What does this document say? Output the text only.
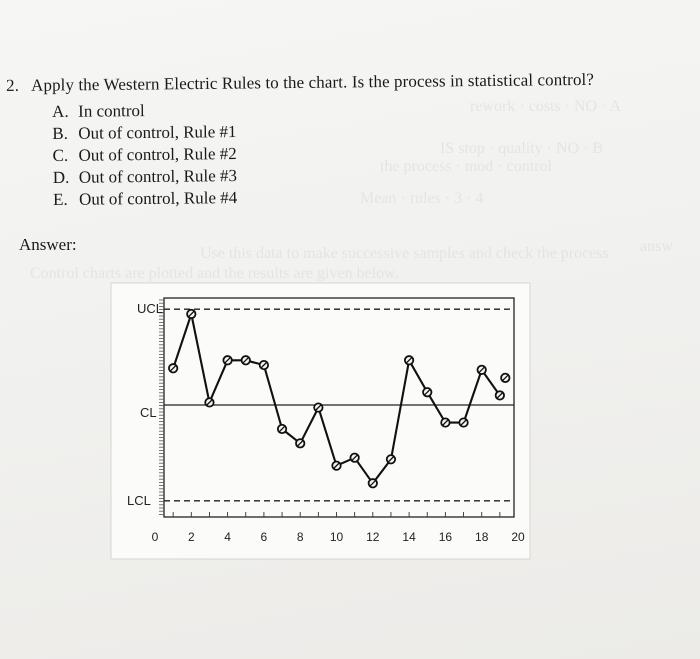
rework · costs · NO · A
IS stop · quality · NO · B
the process · mod · control
Mean · rules · 3 · 4
Use this data to make successive samples and check the process
Control charts are plotted and the results are given below.
answ
2. Apply the Western Electric Rules to the chart. Is the process in statistical control?
A. In control
B. Out of control, Rule #1
C. Out of control, Rule #2
D. Out of control, Rule #3
E. Out of control, Rule #4
Answer:
0 2 4 6 8 10 12 14 16 18 20
UCL
CL
LCL
